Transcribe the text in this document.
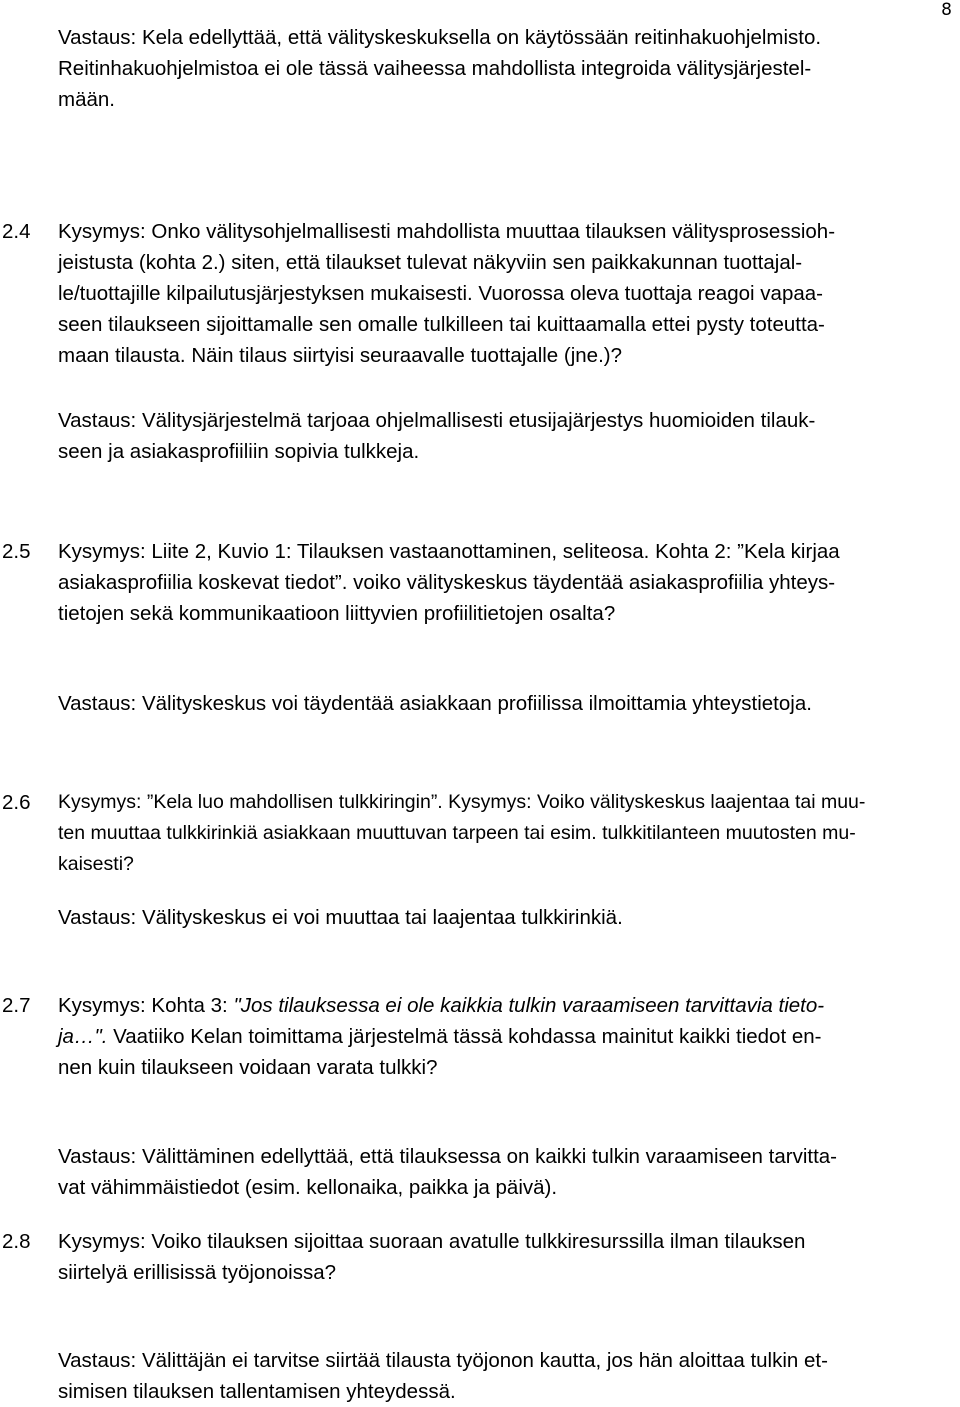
8
Vastaus: Kela edellyttää, että välityskeskuksella on käytössään reitinhakuohjelmisto.
Reitinhakuohjelmistoa ei ole tässä vaiheessa mahdollista integroida välitysjärjestel-
mään.
2.4 Kysymys: Onko välitysohjelmallisesti mahdollista muuttaa tilauksen välitysprosessioh-
jeistusta (kohta 2.) siten, että tilaukset tulevat näkyviin sen paikkakunnan tuottajal-
le/tuottajille kilpailutusjärjestyksen mukaisesti. Vuorossa oleva tuottaja reagoi vapaa-
seen tilaukseen sijoittamalle sen omalle tulkilleen tai kuittaamalla ettei pysty toteutta-
maan tilausta. Näin tilaus siirtyisi seuraavalle tuottajalle (jne.)?
Vastaus: Välitysjärjestelmä tarjoaa ohjelmallisesti etusijajärjestys huomioiden tilauk-
seen ja asiakasprofiiliin sopivia tulkkeja.
2.5 Kysymys: Liite 2, Kuvio 1: Tilauksen vastaanottaminen, seliteosa. Kohta 2: ”Kela kirjaa
asiakasprofiilia koskevat tiedot”. voiko välityskeskus täydentää asiakasprofiilia yhteys-
tietojen sekä kommunikaatioon liittyvien profiilitietojen osalta?
Vastaus: Välityskeskus voi täydentää asiakkaan profiilissa ilmoittamia yhteystietoja.
2.6 Kysymys: ”Kela luo mahdollisen tulkkiringin”. Kysymys: Voiko välityskeskus laajentaa tai muu-
ten muuttaa tulkkirinkiä asiakkaan muuttuvan tarpeen tai esim. tulkkitilanteen muutosten mu-
kaisesti?
Vastaus: Välityskeskus ei voi muuttaa tai laajentaa tulkkirinkiä.
2.7 Kysymys: Kohta 3: "Jos tilauksessa ei ole kaikkia tulkin varaamiseen tarvittavia tieto-
ja…". Vaatiiko Kelan toimittama järjestelmä tässä kohdassa mainitut kaikki tiedot en-
nen kuin tilaukseen voidaan varata tulkki?
Vastaus: Välittäminen edellyttää, että tilauksessa on kaikki tulkin varaamiseen tarvitta-
vat vähimmäistiedot (esim. kellonaika, paikka ja päivä).
2.8 Kysymys: Voiko tilauksen sijoittaa suoraan avatulle tulkkiresurssilla ilman tilauksen
siirtelyä erillisissä työjonoissa?
Vastaus: Välittäjän ei tarvitse siirtää tilausta työjonon kautta, jos hän aloittaa tulkin et-
simisen tilauksen tallentamisen yhteydessä.
